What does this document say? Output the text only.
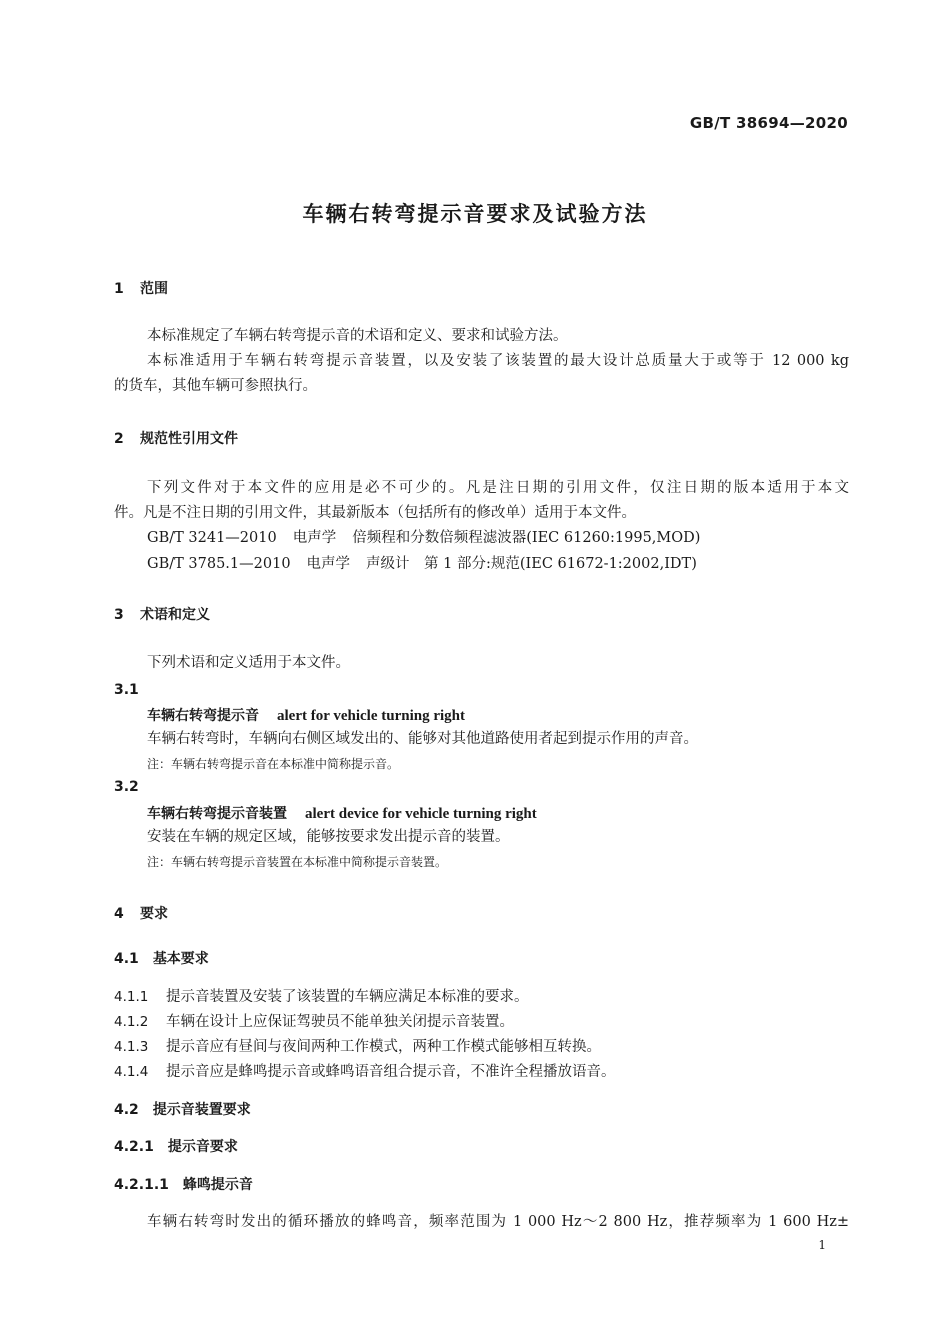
GB/T 38694—2020
车辆右转弯提示音要求及试验方法
1 范围
本标准规定了车辆右转弯提示音的术语和定义、要求和试验方法。
本标准适用于车辆右转弯提示音装置，以及安装了该装置的最大设计总质量大于或等于 12 000 kg
的货车，其他车辆可参照执行。
2 规范性引用文件
下列文件对于本文件的应用是必不可少的。凡是注日期的引用文件，仅注日期的版本适用于本文
件。凡是不注日期的引用文件，其最新版本（包括所有的修改单）适用于本文件。
GB/T 3241—2010 电声学 倍频程和分数倍频程滤波器(IEC 61260:1995,MOD)
GB/T 3785.1—2010 电声学 声级计　第 1 部分:规范(IEC 61672-1:2002,IDT)
3 术语和定义
下列术语和定义适用于本文件。
3.1
车辆右转弯提示音 alert for vehicle turning right
车辆右转弯时，车辆向右侧区域发出的、能够对其他道路使用者起到提示作用的声音。
注：车辆右转弯提示音在本标准中简称提示音。
3.2
车辆右转弯提示音装置 alert device for vehicle turning right
安装在车辆的规定区域，能够按要求发出提示音的装置。
注：车辆右转弯提示音装置在本标准中简称提示音装置。
4 要求
4.1 基本要求
4.1.1 提示音装置及安装了该装置的车辆应满足本标准的要求。
4.1.2 车辆在设计上应保证驾驶员不能单独关闭提示音装置。
4.1.3 提示音应有昼间与夜间两种工作模式，两种工作模式能够相互转换。
4.1.4 提示音应是蜂鸣提示音或蜂鸣语音组合提示音，不准许全程播放语音。
4.2 提示音装置要求
4.2.1 提示音要求
4.2.1.1 蜂鸣提示音
车辆右转弯时发出的循环播放的蜂鸣音，频率范围为 1 000 Hz～2 800 Hz，推荐频率为 1 600 Hz±
1
